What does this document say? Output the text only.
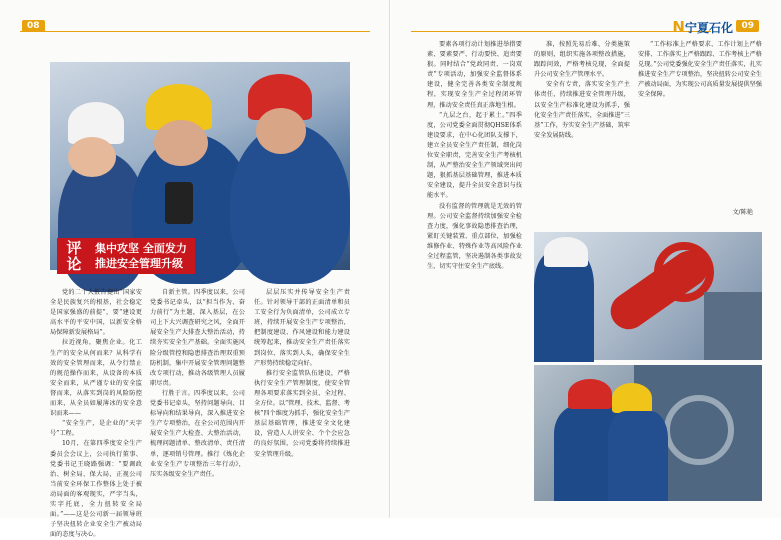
08
评
论
集中攻坚 全面发力
推进安全管理升级

党的二十大报告提出“国家安全是民族复兴的根基，社会稳定是国家强盛的前提”，要“建设更高水平的平安中国，以新安全格局保障新发展格局”。

拉近视角，聚焦企业。化工生产的安全从何而来？从科学有效的安全管理而来，从令行禁止的规范操作而来，从设备的本质安全而来，从严谨专业的安全监督而来，从落实到岗的风险防控而来，从全员如履薄冰的安全意识而来——

“安全生产，是企业的“天字号”工程。

10月，在第四季度安全生产委员会会议上，公司执行董事、党委书记王晓路强调：“要调政治、树全局、保大局，正视公司当前安全环保工作整体上处于被动局面的客观现实，严字当头，实字托底，全力扭转安全局面。”——这是公司新一届领导班子坚决扭转企业安全生产被动局面的态度与决心。

自新主管。四季度以来，公司党委书记牵头，以“担当作为、奋力前行”为主题，深入基层，在公司上下大兴调查研究之风，全面开展安全生产大排查大整治活动，持续夯实安全生产基础。全面实施风险分级管控和隐患排查治理双重预防机制，集中开展安全管理问题整改专项行动，推动各级管理人员履职尽责。

行胜于言。四季度以来，公司党委书记牵头，坚持问题导向、目标导向和结果导向，深入推进安全生产专项整治，在全公司范围内开展安全生产大检查、大整治活动，梳理问题清单、整改清单、责任清单，逐项销号管理。推行《炼化企业安全生产专项整治三年行动》，压实各级安全生产责任。

层层压实并传导安全生产责任。针对领导干部的正面清单和员工安全行为负面清单，公司成立专班，持续开展安全生产专项整治，把制度建设、作风建设和能力建设统筹起来，推动安全生产责任落实到岗位、落实到人头，确保安全生产形势持续稳定向好。

推行安全监管队伍建设，严格执行安全生产管理制度，使安全管理各项要求落实到全员、全过程、全方位。以“管理、技术、监督、考核”四个维度为抓手，强化安全生产基层基础管理，推进安全文化建设，营造人人讲安全、个个会应急的良好氛围，公司党委将持续推进安全管理升级。

N宁夏石化 09

要素各项行动计划推进举措要素、要素要严、行动要快、追责要狠。同时结合“党政同责、一岗双责”专项活动，加强安全监督体系建设，健全完善各类安全制度规程，实现安全生产全过程闭环管理，推动安全责任真正落地生根。

“九层之台，起于累土。”四季度，公司党委全面贯彻QHSE体系建设要求，在中心化团队支撑下，建立全员安全生产责任制，细化岗位安全职责，完善安全生产考核机制，从严整治安全生产领域突出问题，狠抓基层基础管理，推进本质安全建设，提升全员安全意识与技能水平。

没有监督的管理就是无效的管理。公司安全监督持续加强安全检查力度，强化事故隐患排查治理，紧盯关键装置、重点部位，加强检维修作业、特殊作业等高风险作业全过程监管，坚决遏制各类事故发生，切实守住安全生产底线。

准，按照先易后难、分类施策的原则，组织实施各项整改措施，跟踪问效，严格考核兑现，全面提升公司安全生产管理水平。

安全有专责，落实安全生产主体责任，持续推进安全管理升级，以安全生产标准化建设为抓手，强化安全生产责任落实，全面推进“三基”工作，夯实安全生产基础，筑牢安全发展防线。

“工作标准上严格要求、工作计划上严格安排、工作落实上严格跟踪、工作考核上严格兑现。”公司党委强化安全生产责任落实，扎实推进安全生产专项整治，坚决扭转公司安全生产被动局面，为实现公司高质量发展提供坚强安全保障。

文/陈艳
